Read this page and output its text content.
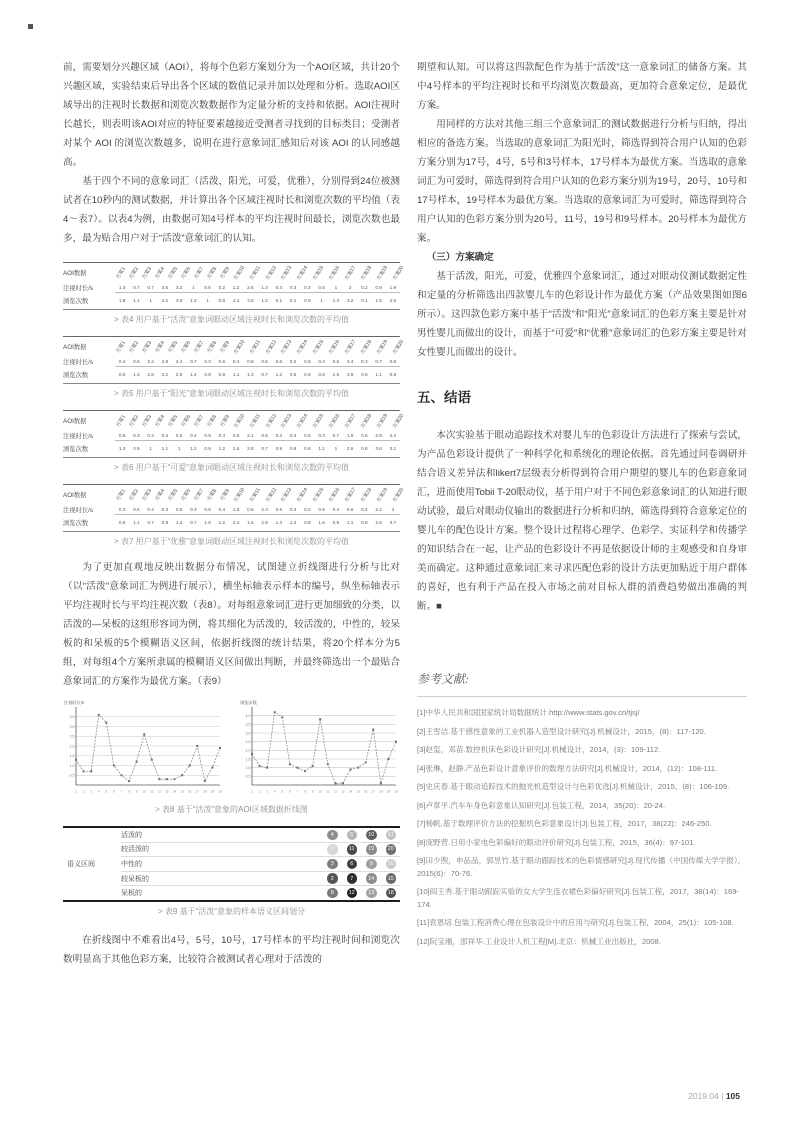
前，需要划分兴趣区域（AOI），将每个色彩方案划分为一个AOI区域，共计20个兴趣区域，实验结束后导出各个区域的数值记录并加以处理和分析。选取AOI区域导出的注视时长数据和浏览次数数据作为定量分析的支持和依据。AOI注视时长越长，则表明该AOI对应的特征要素越接近受测者寻找到的目标类目；受测者对某个 AOI 的浏览次数越多，说明在进行意象词汇感知后对该 AOI 的认同感越高。

基于四个不同的意象词汇（活泼，阳光，可爱，优雅），分别得到24位被测试者在10秒内的测试数据，并计算出各个区域注视时长和浏览次数的平均值（表4～表7）。以表4为例，由数据可知4号样本的平均注视时间最长，浏览次数也最多，最为贴合用户对于“活泼”意象词汇的认知。

AOI数据	方案1 方案2 方案3 方案4 方案5 方案6 方案7 方案8 方案9 方案10 方案11 方案12 方案13 方案14 方案15 方案16 方案17 方案18 方案19 方案20
注视时长/s	1.3	0.7	0.7	3.6	3.2	1	0.5	0.2	1.2	2.6	1.3	0.3	0.3	0.3	0.5	1	2	0.2	0.9	1.9
浏览次数	1.8	1.1	1	4.2	3.9	1.2	1	0.8	1.1	3.8	1.2	0.1	0.1	0.9	1	1.3	3.2	0.1	1.5	2.5
> 表4 用户基于“活泼”意象词眼动区域注视时长和浏览次数的平均值
AOI数据	方案1 方案2 方案3 方案4 方案5 方案6 方案7 方案8 方案9 方案10 方案11 方案12 方案13 方案14 方案15 方案16 方案17 方案18 方案19 方案20
注视时长/s	0.4	0.6	2.2	2.8	2.4	0.7	0.3	0.6	0.4	0.8	0.5	0.6	0.2	0.6	0.4	0.6	3.4	0.3	0.7	0.5
浏览次数	0.9	1.3	2.8	3.2	2.9	1.4	0.8	0.9	1.1	1.3	0.7	1.2	0.5	0.9	0.8	1.6	3.9	0.6	1.1	0.9
> 表5 用户基于“阳光”意象词眼动区域注视时长和浏览次数的平均值
AOI数据	方案1 方案2 方案3 方案4 方案5 方案6 方案7 方案8 方案9 方案10 方案11 方案12 方案13 方案14 方案15 方案16 方案17 方案18 方案19 方案20
注视时长/s	0.6	0.3	0.3	0.4	0.6	0.4	0.5	0.3	0.8	2.1	0.5	0.3	0.4	0.6	0.3	0.7	1.9	0.6	2.9	2.4
浏览次数	1.3	0.9	1	1.1	1	1.2	0.8	1.2	1.6	2.8	0.7	0.9	0.9	0.8	1.1	1	2.6	0.8	3.6	3.1
> 表6 用户基于“可爱”意象词眼动区域注视时长和浏览次数的平均值
AOI数据	方案1 方案2 方案3 方案4 方案5 方案6 方案7 方案8 方案9 方案10 方案11 方案12 方案13 方案14 方案15 方案16 方案17 方案18 方案19 方案20
注视时长/s	0.3	0.5	0.4	0.3	0.5	0.3	0.6	0.4	1.8	0.6	2.3	0.5	0.4	0.2	0.5	0.3	0.6	0.4	2.1	3
浏览次数	0.9	1.1	0.7	0.8	1.4	0.7	1.6	1.2	2.4	1.6	2.9	1.3	1.4	0.8	1.5	0.9	1.1	0.8	2.6	3.7
> 表7 用户基于“优雅”意象词眼动区域注视时长和浏览次数的平均值

为了更加直观地反映出数据分布情况，试图建立折线图进行分析与比对（以“活泼”意象词汇为例进行展示），横坐标轴表示样本的编号，纵坐标轴表示平均注视时长与平均注视次数（表8）。对每组意象词汇进行更加细致的分类，以活泼的—呆板的这组形容词为例，将其细化为活泼的，较活泼的，中性的，较呆板的和呆板的5个模糊语义区间，依据折线图的统计结果，将20个样本分为5组，对每组4个方案所隶属的模糊语义区间做出判断，并最终筛选出一个最贴合意象词汇的方案作为最优方案。（表9）

0.5
1.0
1.5
2.0
2.5
3.0
3.5
1 2 3 4 5 6 7 8 9 10 11 12 13 14 15 16 17 18 19 20
注视时长/s
0.5
1.0
1.5
2.0
2.5
3.0
3.5
4.0
1 2 3 4 5 6 7 8 9 10 11 12 13 14 15 16 17 18 19 20
浏览次数
> 表8 基于“活泼”意象的AOI区域数据折线图
语义区间
活泼的	4	5	10	17
较活泼的	1	11	19	20
中性的	3	6	9	16
较呆板的	2	7	14	15
呆板的	8	12	13	18
> 表9 基于“活泼”意象的样本语义区间划分

在折线图中不难看出4号，5号，10号，17号样本的平均注视时间和浏览次数明显高于其他色彩方案，比较符合被测试者心理对于活泼的

期望和认知。可以将这四款配色作为基于“活泼”这一意象词汇的储备方案。其中4号样本的平均注视时长和平均浏览次数最高，更加符合意象定位，是最优方案。

用同样的方法对其他三组三个意象词汇的测试数据进行分析与归纳，得出相应的备选方案。当选取的意象词汇为阳光时，筛选得到符合用户认知的色彩方案分别为17号，4号，5号和3号样本，17号样本为最优方案。当选取的意象词汇为可爱时，筛选得到符合用户认知的色彩方案分别为19号，20号，10号和17号样本，19号样本为最优方案。当选取的意象词汇为可爱时，筛选得到符合用户认知的色彩方案分别为20号，11号，19号和9号样本。20号样本为最优方案。

（三）方案确定

基于活泼，阳光，可爱，优雅四个意象词汇，通过对眼动仪测试数据定性和定量的分析筛选出四款婴儿车的色彩设计作为最优方案（产品效果图如图6所示）。这四款色彩方案中基于“活泼”和“阳光”意象词汇的色彩方案主要是针对男性婴儿而做出的设计，而基于“可爱”和“优雅”意象词汇的色彩方案主要是针对女性婴儿而做出的设计。

五、结语

本次实验基于眼动追踪技术对婴儿车的色彩设计方法进行了探索与尝试，为产品色彩设计提供了一种科学化和系统化的理论依据。首先通过问卷调研并结合语义差异法和likert7层级表分析得到符合用户期望的婴儿车的色彩意象词汇，进而使用Tobii T-20眼动仪，基于用户对于不同色彩意象词汇的认知进行眼动试验，最后对眼动仪输出的数据进行分析和归纳，筛选得到符合意象定位的婴儿车的配色设计方案。整个设计过程将心理学、色彩学、实证科学和传播学的知识结合在一起，让产品的色彩设计不再是依据设计师的主观感受和自身审美而确定。这种通过意象词汇来寻求匹配色彩的设计方法更加贴近于用户群体的喜好，也有利于产品在投入市场之前对目标人群的消费趋势做出准确的判断。■

参考文献:
[1]中华人民共和国国家统计局数据统计.http://www.stats.gov.cn/tjsj/
[2]王雪洁.基于感性意象的工业机器人造型设计研究[J].机械设计，2015，(8)：117-120.
[3]赵玺，邓苗.数控机床色彩设计研究[J].机械设计，2014，(3)：109-112.
[4]张琳，赵静.产品色彩设计意象评价的数理方法研究[J].机械设计，2014，(12)：108-111.
[5]史庆春.基于眼动追踪技术的抛光机造型设计与色彩优选[J].机械设计，2015，(8)：106-109.
[6]卢章平.汽车车身色彩意象认知研究[J].包装工程，2014，35(20)：20-24.
[7]杨帆.基于数理评价方法的挖掘机色彩意象设计[J].包装工程，2017，38(22)：246-250.
[8]庞野营.日用小家电色彩偏好的眼动评价研究[J].包装工程，2015，36(4)：97-101.
[9]田少煦，申品品，郭昱竹.基于眼动跟踪技术的色彩情感研究[J].现代传播（中国传媒大学学报），2015(6)：70-76.
[10]阎王秀.基于眼动跟踪实验的女大学生连衣裙色彩偏好研究[J].包装工程，2017，38(14)：169-174.
[11]袁恩培.包装工程消费心理在包装设计中的应用与研究[J].包装工程，2004，25(1)：105-108.
[12]阮宝湘，邵祥华.工业设计人机工程[M].北京：机械工业出版社，2008.
2019.04 | 105
